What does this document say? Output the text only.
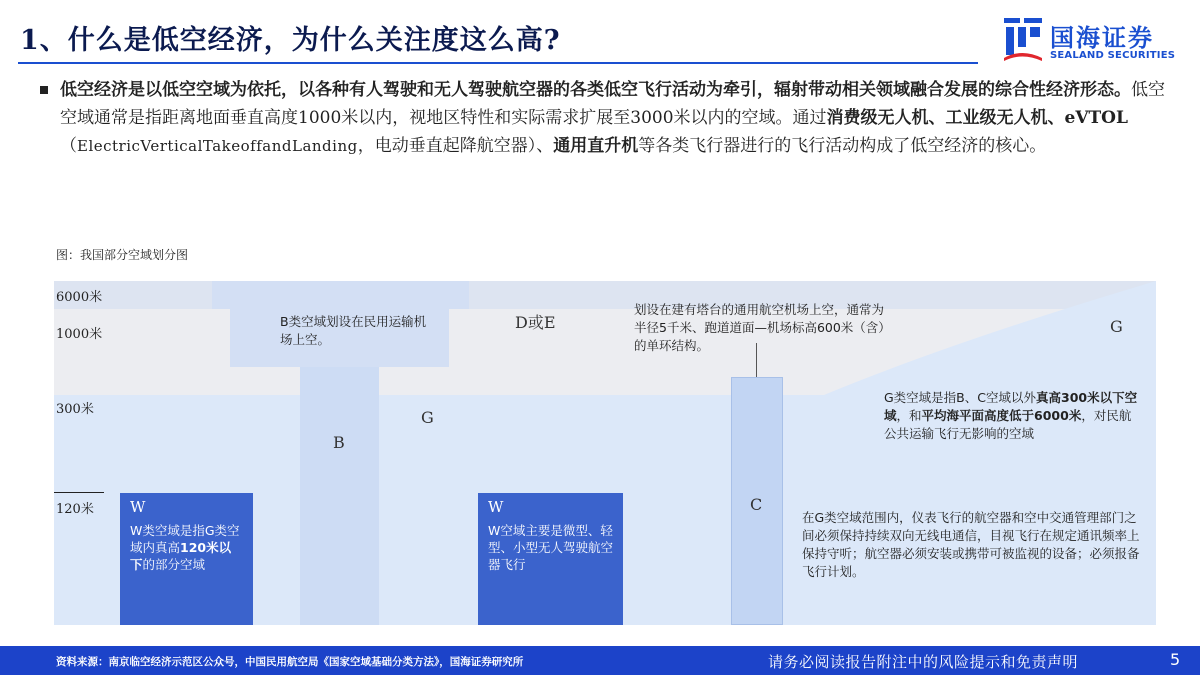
1、什么是低空经济，为什么关注度这么高?	国海证券
SEALAND SECURITIES
低空经济是以低空空域为依托，以各种有人驾驶和无人驾驶航空器的各类低空飞行活动为牵引，辐射带动相关领域融合发展的综合性经济形态。低空空域通常是指距离地面垂直高度1000米以内，视地区特性和实际需求扩展至3000米以内的空域。通过消费级无人机、工业级无人机、eVTOL（ElectricVerticalTakeoffandLanding，电动垂直起降航空器）、通用直升机等各类飞行器进行的飞行活动构成了低空经济的核心。
图：我国部分空域划分图
6000米
1000米
300米
120米
B类空域划设在民用运输机场上空。
B
D或E
G
G
C
划设在建有塔台的通用航空机场上空，通常为半径5千米、跑道道面—机场标高600米（含）的单环结构。
G类空域是指B、C空域以外真高300米以下空域，和平均海平面高度低于6000米，对民航公共运输飞行无影响的空域
在G类空域范围内，仪表飞行的航空器和空中交通管理部门之间必须保持持续双向无线电通信，目视飞行在规定通讯频率上保持守听；航空器必须安装或携带可被监视的设备；必须报备飞行计划。
W
W类空域是指G类空域内真高120米以下的部分空域
W
W空域主要是微型、轻型、小型无人驾驶航空器飞行
资料来源：南京临空经济示范区公众号，中国民用航空局《国家空域基础分类方法》，国海证券研究所	请务必阅读报告附注中的风险提示和免责声明	5
